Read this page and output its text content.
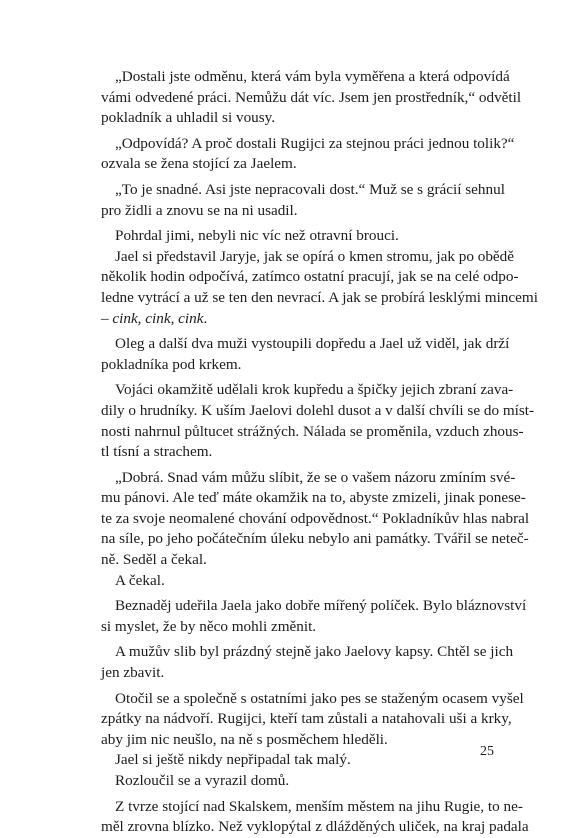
„Dostali jste odměnu, která vám byla vyměřena a která odpovídá
vámi odvedené práci. Nemůžu dát víc. Jsem jen prostředník,“ odvětil
pokladník a uhladil si vousy.
„Odpovídá? A proč dostali Rugijci za stejnou práci jednou tolik?“
ozvala se žena stojící za Jaelem.
„To je snadné. Asi jste nepracovali dost.“ Muž se s grácií sehnul
pro židli a znovu se na ni usadil.
Pohrdal jimi, nebyli nic víc než otravní brouci.
Jael si představil Jaryje, jak se opírá o kmen stromu, jak po obědě
několik hodin odpočívá, zatímco ostatní pracují, jak se na celé odpo-
ledne vytrácí a už se ten den nevrací. A jak se probírá lesklými mincemi
– cink, cink, cink.
Oleg a další dva muži vystoupili dopředu a Jael už viděl, jak drží
pokladníka pod krkem.
Vojáci okamžitě udělali krok kupředu a špičky jejich zbraní zava-
dily o hrudníky. K uším Jaelovi dolehl dusot a v další chvíli se do míst-
nosti nahrnul půltucet strážných. Nálada se proměnila, vzduch zhous-
tl tísní a strachem.
„Dobrá. Snad vám můžu slíbit, že se o vašem názoru zmíním své-
mu pánovi. Ale teď máte okamžik na to, abyste zmizeli, jinak ponese-
te za svoje neomalené chování odpovědnost.“ Pokladníkův hlas nabral
na síle, po jeho počátečním úleku nebylo ani památky. Tvářil se neteč-
ně. Seděl a čekal.
A čekal.
Beznaděj udeřila Jaela jako dobře mířený políček. Bylo bláznovství
si myslet, že by něco mohli změnit.
A mužův slib byl prázdný stejně jako Jaelovy kapsy. Chtěl se jich
jen zbavit.
Otočil se a společně s ostatními jako pes se staženým ocasem vyšel
zpátky na nádvoří. Rugijci, kteří tam zůstali a natahovali uši a krky,
aby jim nic neušlo, na ně s posměchem hleděli.
Jael si ještě nikdy nepřipadal tak malý.
Rozloučil se a vyrazil domů.
Z tvrze stojící nad Skalskem, menším městem na jihu Rugie, to ne-
měl zrovna blízko. Než vyklopýtal z dlážděných uliček, na kraj padala
25
